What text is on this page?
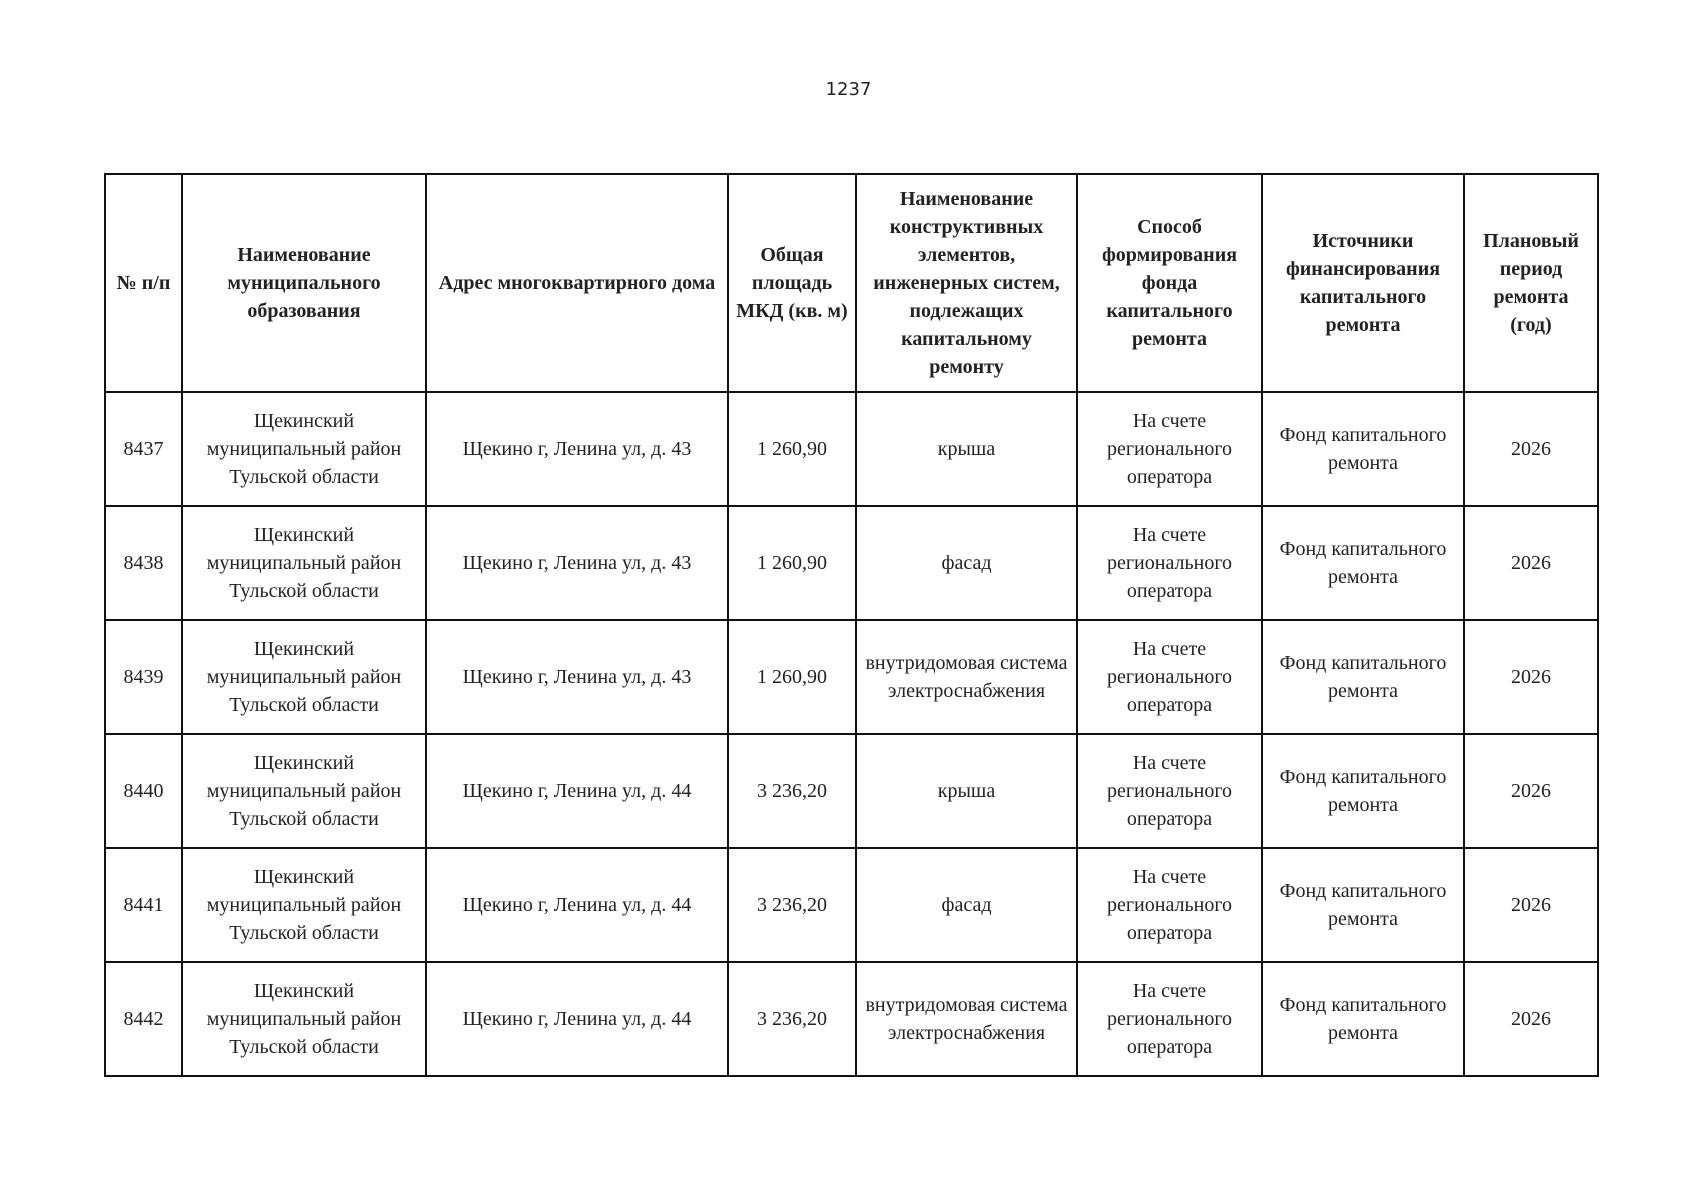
1237
№ п/п	Наименование муниципального образования	Адрес многоквартирного дома	Общая площадь МКД (кв. м)	Наименование конструктивных элементов, инженерных систем, подлежащих капитальному ремонту	Способ формирования фонда капитального ремонта	Источники финансирования капитального ремонта	Плановый период ремонта (год)
8437	Щекинский муниципальный район Тульской области	Щекино г, Ленина ул, д. 43	1 260,90	крыша	На счете регионального оператора	Фонд капитального ремонта	2026
8438	Щекинский муниципальный район Тульской области	Щекино г, Ленина ул, д. 43	1 260,90	фасад	На счете регионального оператора	Фонд капитального ремонта	2026
8439	Щекинский муниципальный район Тульской области	Щекино г, Ленина ул, д. 43	1 260,90	внутридомовая система электроснабжения	На счете регионального оператора	Фонд капитального ремонта	2026
8440	Щекинский муниципальный район Тульской области	Щекино г, Ленина ул, д. 44	3 236,20	крыша	На счете регионального оператора	Фонд капитального ремонта	2026
8441	Щекинский муниципальный район Тульской области	Щекино г, Ленина ул, д. 44	3 236,20	фасад	На счете регионального оператора	Фонд капитального ремонта	2026
8442	Щекинский муниципальный район Тульской области	Щекино г, Ленина ул, д. 44	3 236,20	внутридомовая система электроснабжения	На счете регионального оператора	Фонд капитального ремонта	2026
